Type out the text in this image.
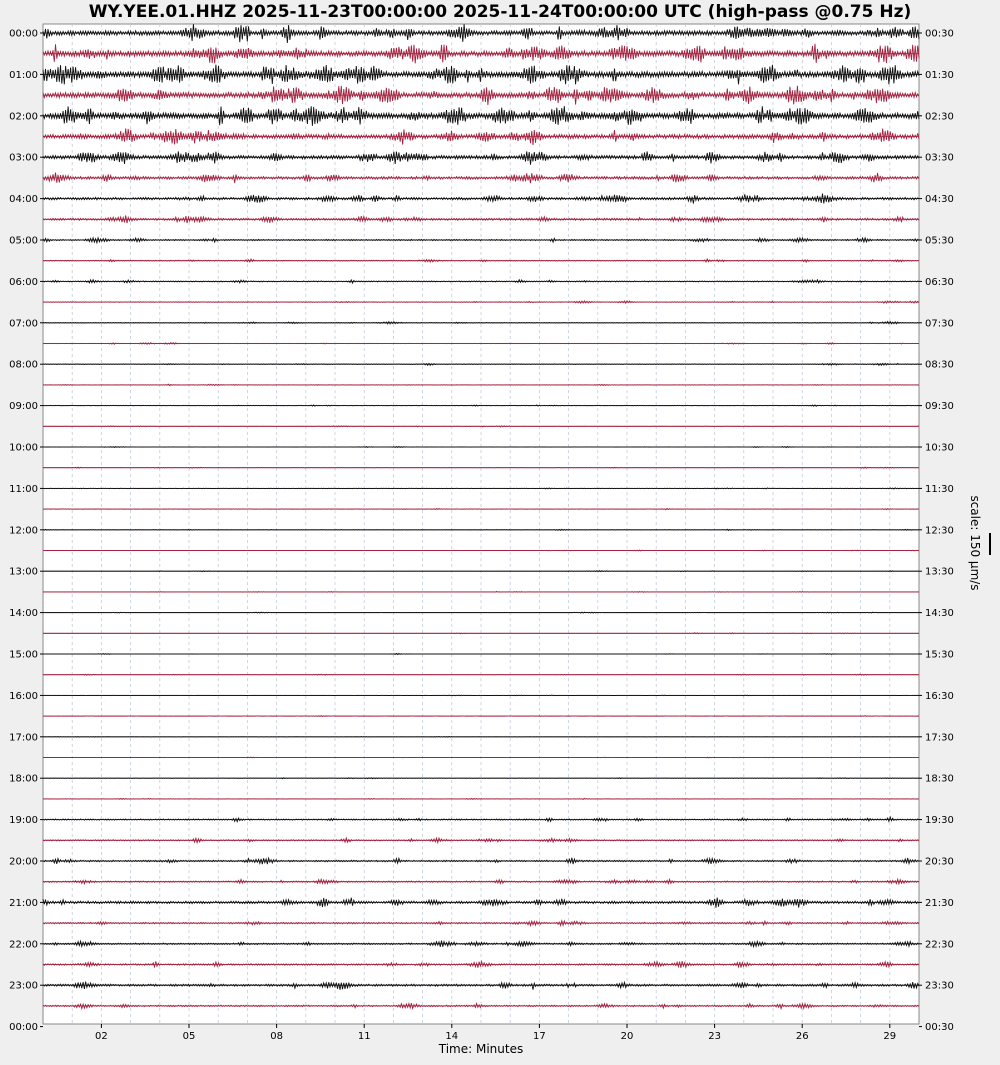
WY.YEE.01.HHZ 2025-11-23T00:00:00 2025-11-24T00:00:00 UTC (high-pass @0.75 Hz)
00:00
01:00
02:00
03:00
04:00
05:00
06:00
07:00
08:00
09:00
10:00
11:00
12:00
13:00
14:00
15:00
16:00
17:00
18:00
19:00
20:00
21:00
22:00
23:00
00:00
00:30
01:30
02:30
03:30
04:30
05:30
06:30
07:30
08:30
09:30
10:30
11:30
12:30
13:30
14:30
15:30
16:30
17:30
18:30
19:30
20:30
21:30
22:30
23:30
00:30
02	05	08	11	14	17	20	23	26	29
Time: Minutes
scale: 150 µm/s
